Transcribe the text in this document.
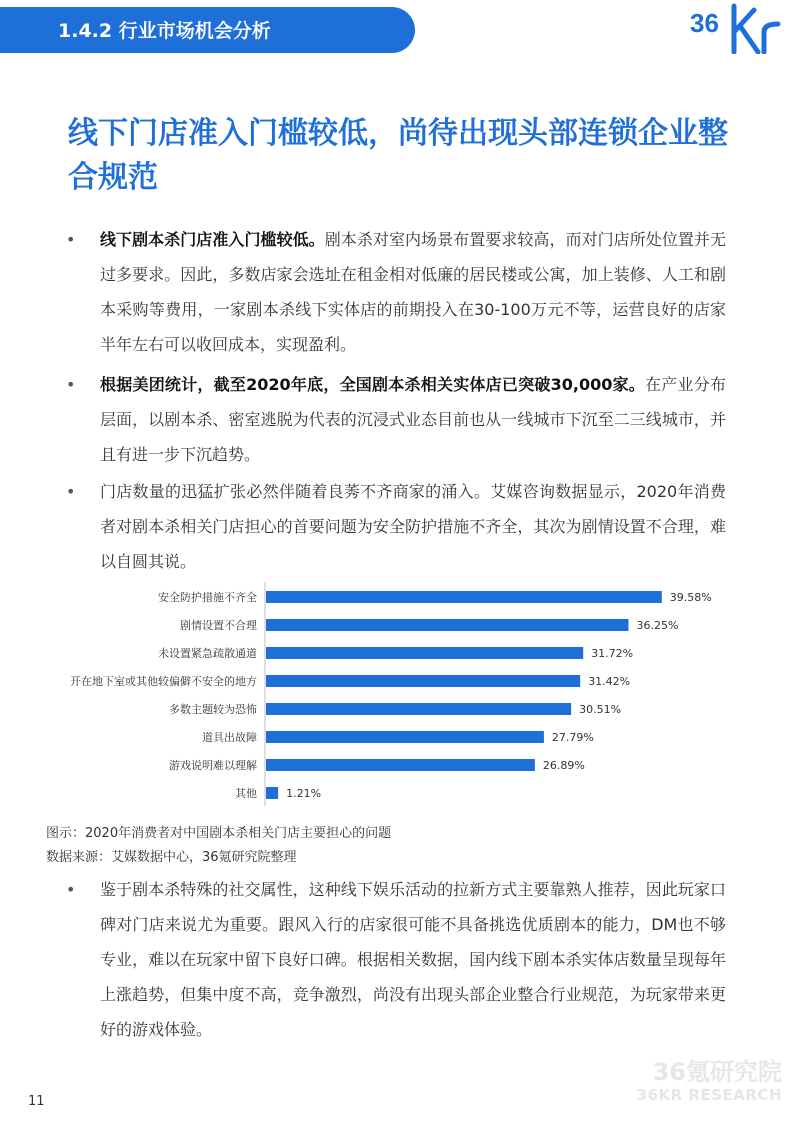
1.4.2 行业市场机会分析	36
线下门店准入门槛较低，尚待出现头部连锁企业整合规范
•	线下剧本杀门店准入门槛较低。剧本杀对室内场景布置要求较高，而对门店所处位置并无过多要求。因此，多数店家会选址在租金相对低廉的居民楼或公寓，加上装修、人工和剧本采购等费用，一家剧本杀线下实体店的前期投入在30-100万元不等，运营良好的店家半年左右可以收回成本，实现盈利。
•	根据美团统计，截至2020年底，全国剧本杀相关实体店已突破30,000家。在产业分布层面，以剧本杀、密室逃脱为代表的沉浸式业态目前也从一线城市下沉至二三线城市，并且有进一步下沉趋势。
•	门店数量的迅猛扩张必然伴随着良莠不齐商家的涌入。艾媒咨询数据显示，2020年消费者对剧本杀相关门店担心的首要问题为安全防护措施不齐全，其次为剧情设置不合理，难以自圆其说。
•	鉴于剧本杀特殊的社交属性，这种线下娱乐活动的拉新方式主要靠熟人推荐，因此玩家口碑对门店来说尤为重要。跟风入行的店家很可能不具备挑选优质剧本的能力，DM也不够专业，难以在玩家中留下良好口碑。根据相关数据，国内线下剧本杀实体店数量呈现每年上涨趋势，但集中度不高，竞争激烈，尚没有出现头部企业整合行业规范，为玩家带来更好的游戏体验。
安全防护措施不齐全	39.58%
剧情设置不合理	36.25%
未设置紧急疏散通道	31.72%
开在地下室或其他较偏僻不安全的地方	31.42%
多数主题较为恐怖	30.51%
道具出故障	27.79%
游戏说明难以理解	26.89%
其他	1.21%
图示：2020年消费者对中国剧本杀相关门店主要担心的问题
数据来源：艾媒数据中心，36氪研究院整理
11
36氪研究院
36KR RESEARCH
